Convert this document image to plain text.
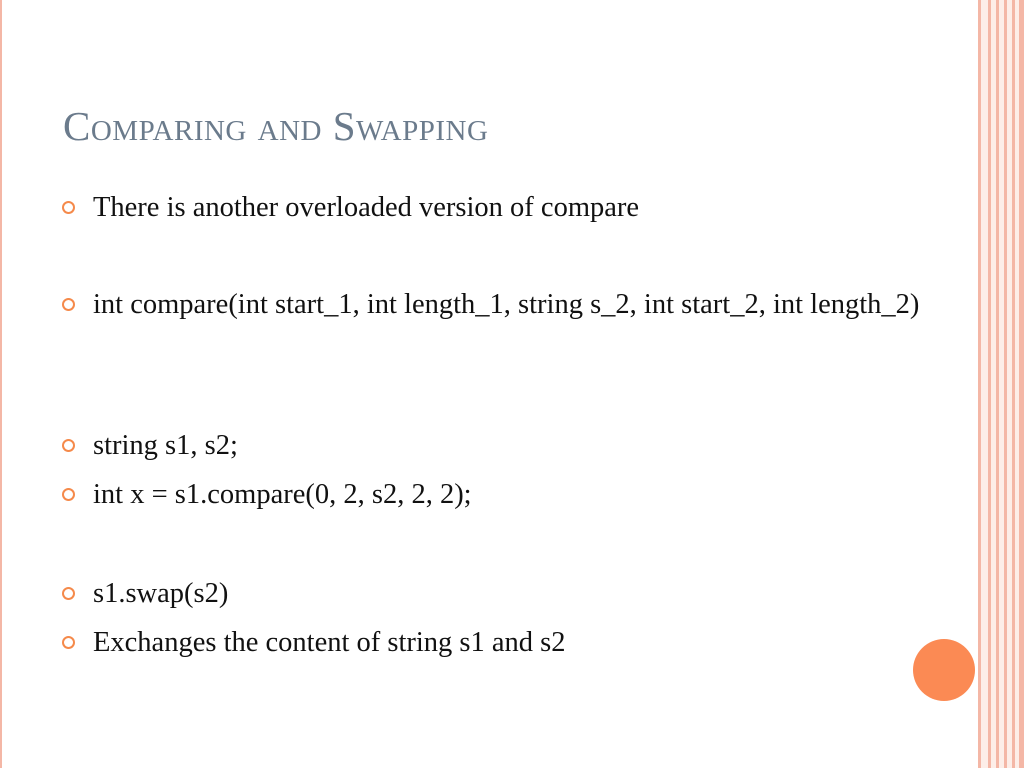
Comparing and Swapping
There is another overloaded version of compare
int compare(int start_1, int length_1, string s_2, int start_2, int length_2)
string s1, s2;
int x = s1.compare(0, 2, s2, 2, 2);
s1.swap(s2)
Exchanges the content of string s1 and s2
